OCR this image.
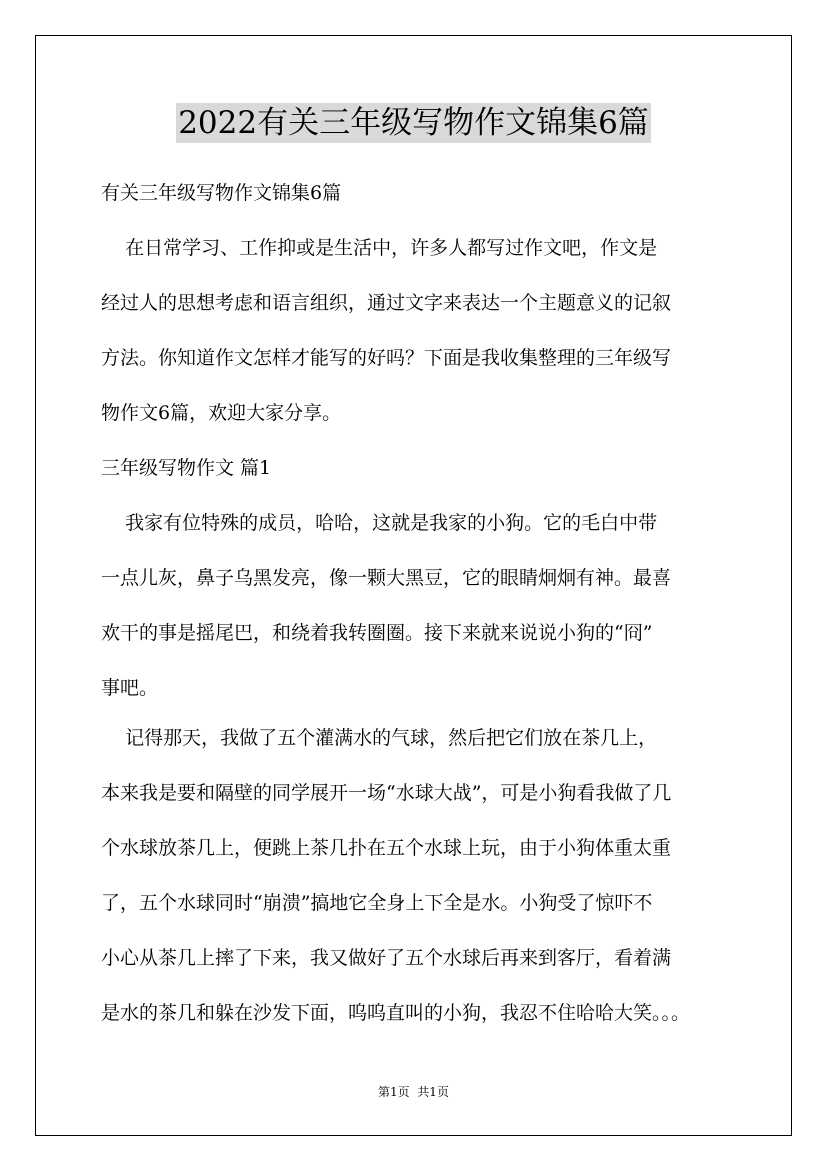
2022有关三年级写物作文锦集6篇
有关三年级写物作文锦集6篇
在日常学习、工作抑或是生活中，许多人都写过作文吧，作文是
经过人的思想考虑和语言组织，通过文字来表达一个主题意义的记叙
方法。你知道作文怎样才能写的好吗？下面是我收集整理的三年级写
物作文6篇，欢迎大家分享。
三年级写物作文 篇1
我家有位特殊的成员，哈哈，这就是我家的小狗。它的毛白中带
一点儿灰，鼻子乌黑发亮，像一颗大黑豆，它的眼睛炯炯有神。最喜
欢干的事是摇尾巴，和绕着我转圈圈。接下来就来说说小狗的“冏”
事吧。
记得那天，我做了五个灌满水的气球，然后把它们放在茶几上，
本来我是要和隔壁的同学展开一场“水球大战”，可是小狗看我做了几
个水球放茶几上，便跳上茶几扑在五个水球上玩，由于小狗体重太重
了，五个水球同时“崩溃”搞地它全身上下全是水。小狗受了惊吓不
小心从茶几上摔了下来，我又做好了五个水球后再来到客厅，看着满
是水的茶几和躲在沙发下面，呜呜直叫的小狗，我忍不住哈哈大笑。。。
第1页  共1页
